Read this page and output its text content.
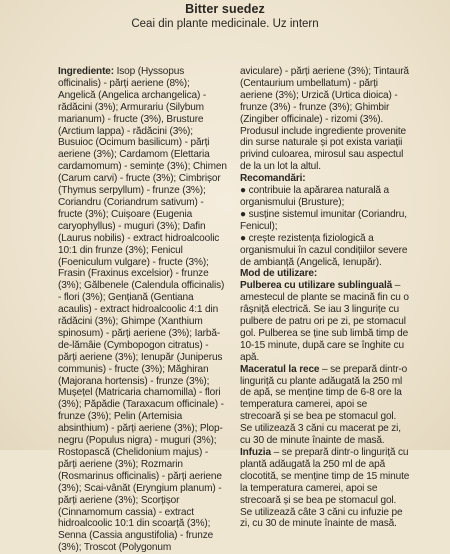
Bitter suedez
Ceai din plante medicinale. Uz intern

Ingrediente: Isop (Hyssopus officinalis) - părți aeriene (8%); Angelică (Angelica archangelica) - rădăcini (3%); Armurariu (Silybum marianum) - fructe (3%), Brusture (Arctium lappa) - rădăcini (3%); Busuioc (Ocimum basilicum) - părți aeriene (3%); Cardamom (Elettaria cardamomum) - semințe (3%); Chimen (Carum carvi) - fructe (3%); Cimbrișor (Thymus serpyllum) - frunze (3%); Coriandru (Coriandrum sativum) - fructe (3%); Cuișoare (Eugenia caryophyllus) - muguri (3%); Dafin (Laurus nobilis) - extract hidroalcoolic 10:1 din frunze (3%); Fenicul (Foeniculum vulgare) - fructe (3%); Frasin (Fraxinus excelsior) - frunze (3%); Gălbenele (Calendula officinalis) - flori (3%); Gențiană (Gentiana acaulis) - extract hidroalcoolic 4:1 din rădăcini (3%); Ghimpe (Xanthium spinosum) - părți aeriene (3%); Iarbă-de-lămâie (Cymbopogon citratus) - părți aeriene (3%); Ienupăr (Juniperus communis) - fructe (3%); Măghiran (Majorana hortensis) - frunze (3%); Mușețel (Matricaria chamomilla) - flori (3%); Păpădie (Taraxacum officinale) - frunze (3%); Pelin (Artemisia absinthium) - părți aeriene (3%); Plop-negru (Populus nigra) - muguri (3%); Rostopască (Chelidonium majus) - părți aeriene (3%); Rozmarin (Rosmarinus officinalis) - părți aeriene (3%); Scai-vânăt (Eryngium planum) - părți aeriene (3%); Scorțișor (Cinnamomum cassia) - extract hidroalcoolic 10:1 din scoarță (3%); Senna (Cassia angustifolia) - frunze (3%); Troscot (Polygonum

aviculare) - părți aeriene (3%); Tintaură (Centaurium umbellatum) - părți aeriene (3%); Urzică (Urtica dioica) - frunze (3%) - frunze (3%); Ghimbir (Zingiber officinale) - rizomi (3%). Produsul include ingrediente provenite din surse naturale și pot exista variații privind culoarea, mirosul sau aspectul de la un lot la altul.

Recomandări:

● contribuie la apărarea naturală a organismului (Brusture);
● susține sistemul imunitar (Coriandru, Fenicul);
● crește rezistența fiziologică a organismului în cazul condițiilor severe de ambianță (Angelică, Ienupăr).

Mod de utilizare:

Pulberea cu utilizare sublinguală – amestecul de plante se macină fin cu o râșniță electrică. Se iau 3 lingurițe cu pulbere de patru ori pe zi, pe stomacul gol. Pulberea se ține sub limbă timp de 10-15 minute, după care se înghite cu apă.

Maceratul la rece – se prepară dintr-o linguriță cu plante adăugată la 250 ml de apă, se menține timp de 6-8 ore la temperatura camerei, apoi se strecoară și se bea pe stomacul gol. Se utilizează 3 căni cu macerat pe zi, cu 30 de minute înainte de masă.

Infuzia – se prepară dintr-o linguriță cu plantă adăugată la 250 ml de apă clocotită, se menține timp de 15 minute la temperatura camerei, apoi se strecoară și se bea pe stomacul gol. Se utilizează câte 3 căni cu infuzie pe zi, cu 30 de minute înainte de masă.
